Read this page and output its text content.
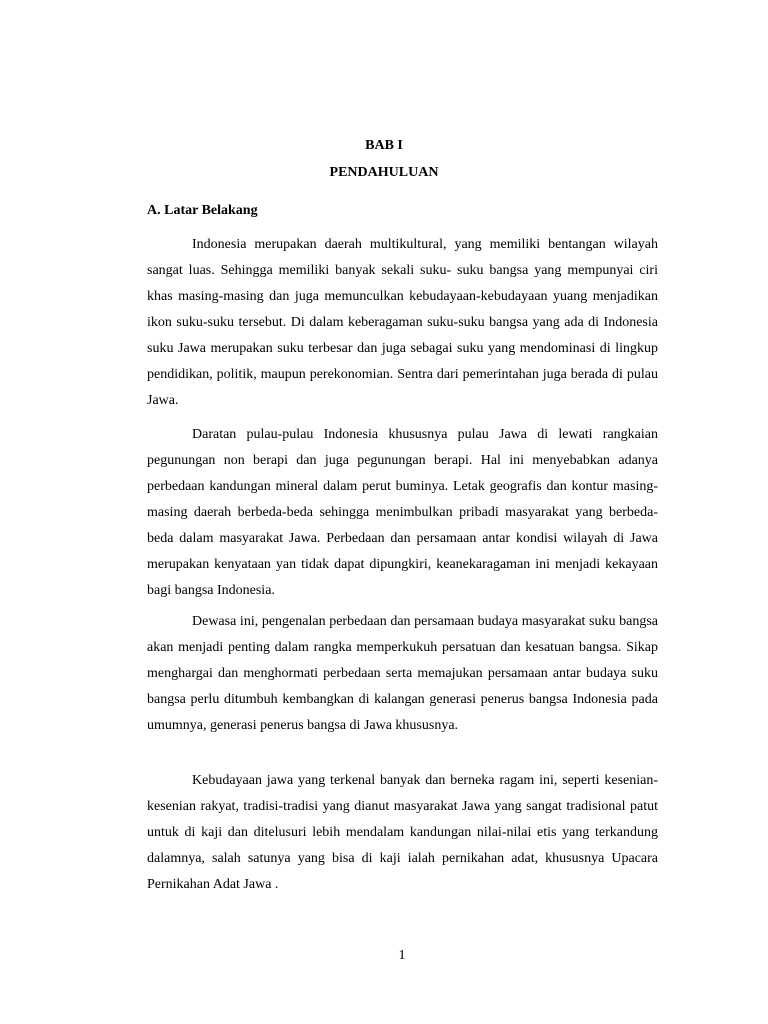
BAB I
PENDAHULUAN
A. Latar Belakang

Indonesia merupakan daerah multikultural, yang memiliki bentangan wilayah sangat luas. Sehingga memiliki banyak sekali suku- suku bangsa yang mempunyai ciri khas masing-masing dan juga memunculkan kebudayaan-kebudayaan yuang menjadikan ikon suku-suku tersebut. Di dalam keberagaman suku-suku bangsa yang ada di Indonesia suku Jawa merupakan suku terbesar dan juga sebagai suku yang mendominasi di lingkup pendidikan, politik, maupun perekonomian. Sentra dari pemerintahan juga berada di pulau Jawa.

Daratan pulau-pulau Indonesia khususnya pulau Jawa di lewati rangkaian pegunungan non berapi dan juga pegunungan berapi. Hal ini menyebabkan adanya perbedaan kandungan mineral dalam perut buminya. Letak geografis dan kontur masing-masing daerah berbeda-beda sehingga menimbulkan pribadi masyarakat yang berbeda-beda dalam masyarakat Jawa. Perbedaan dan persamaan antar kondisi wilayah di Jawa merupakan kenyataan yan tidak dapat dipungkiri, keanekaragaman ini menjadi kekayaan bagi bangsa Indonesia.

Dewasa ini, pengenalan perbedaan dan persamaan budaya masyarakat suku bangsa akan menjadi penting dalam rangka memperkukuh persatuan dan kesatuan bangsa. Sikap menghargai dan menghormati perbedaan serta memajukan persamaan antar budaya suku bangsa perlu ditumbuh kembangkan di kalangan generasi penerus bangsa Indonesia pada umumnya, generasi penerus bangsa di Jawa khususnya.

Kebudayaan jawa yang terkenal banyak dan berneka ragam ini, seperti kesenian-kesenian rakyat, tradisi-tradisi yang dianut masyarakat Jawa yang sangat tradisional patut untuk di kaji dan ditelusuri lebih mendalam kandungan nilai-nilai etis yang terkandung dalamnya, salah satunya yang bisa di kaji ialah pernikahan adat, khususnya Upacara Pernikahan Adat Jawa .

1
